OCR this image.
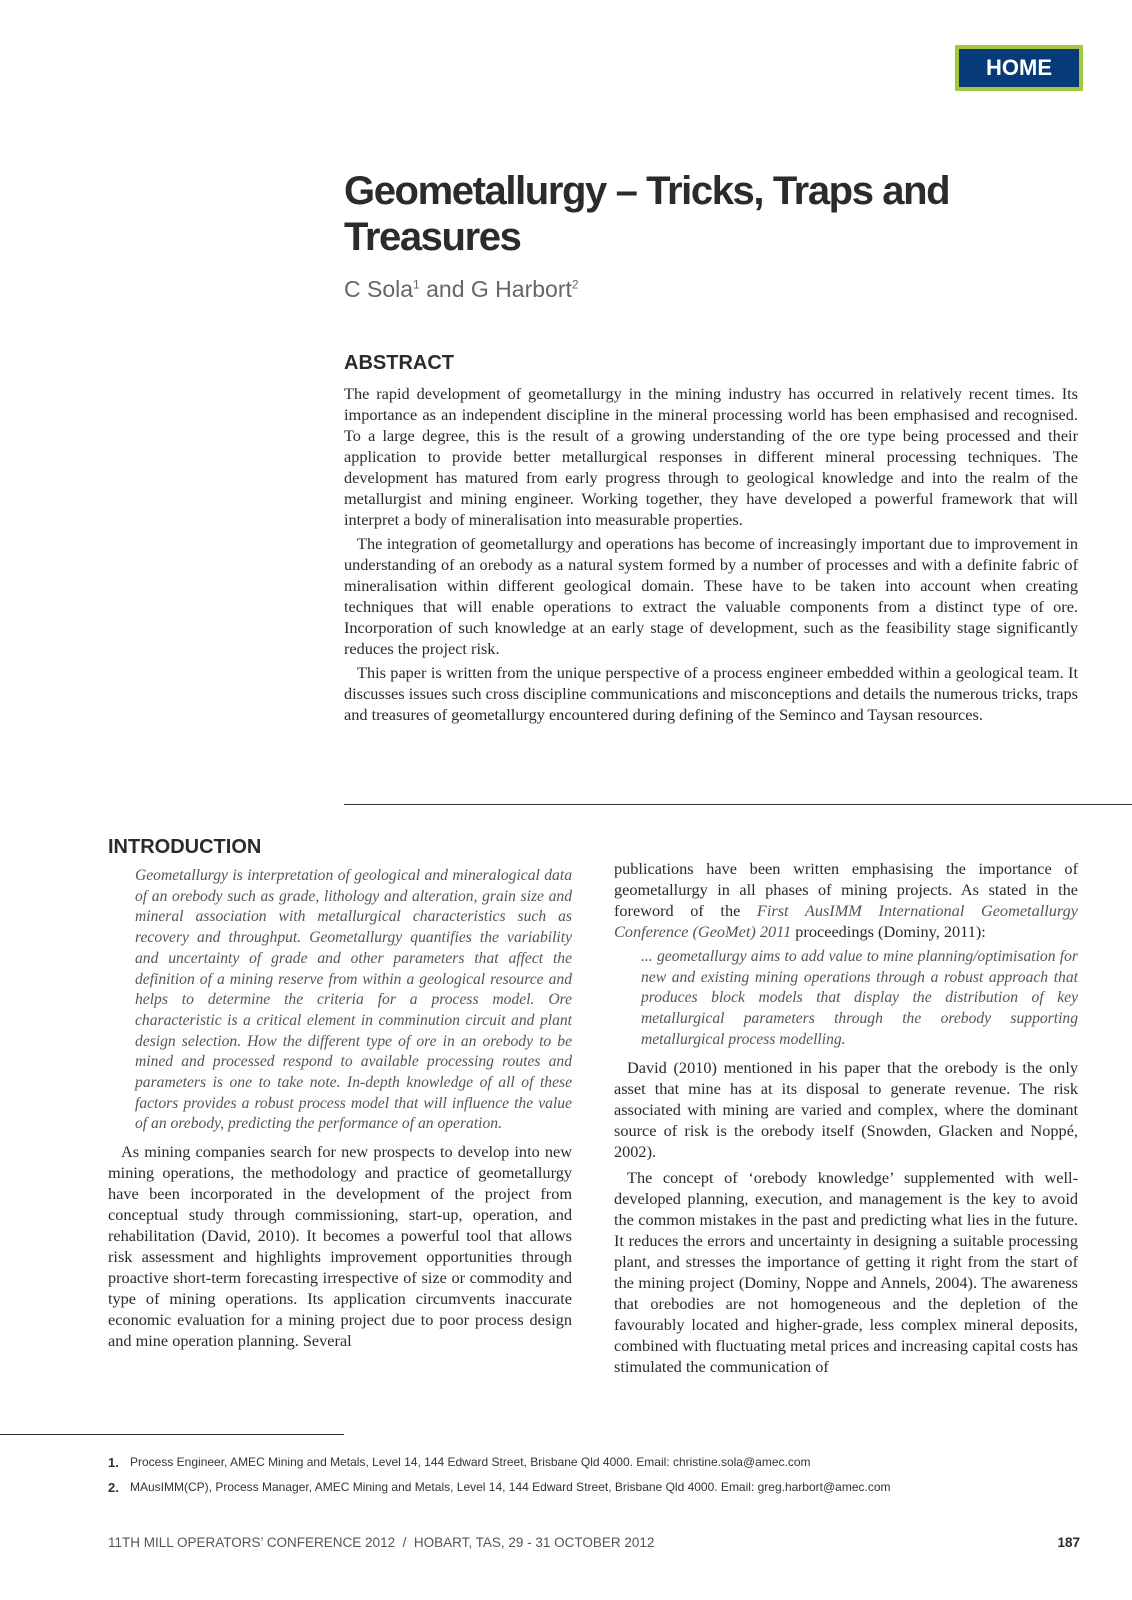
HOME
Geometallurgy – Tricks, Traps and Treasures
C Sola$^1$ and G Harbort$^2$
ABSTRACT

The rapid development of geometallurgy in the mining industry has occurred in relatively recent times. Its importance as an independent discipline in the mineral processing world has been emphasised and recognised. To a large degree, this is the result of a growing understanding of the ore type being processed and their application to provide better metallurgical responses in different mineral processing techniques. The development has matured from early progress through to geological knowledge and into the realm of the metallurgist and mining engineer. Working together, they have developed a powerful framework that will interpret a body of mineralisation into measurable properties.

The integration of geometallurgy and operations has become of increasingly important due to improvement in understanding of an orebody as a natural system formed by a number of processes and with a definite fabric of mineralisation within different geological domain. These have to be taken into account when creating techniques that will enable operations to extract the valuable components from a distinct type of ore. Incorporation of such knowledge at an early stage of development, such as the feasibility stage significantly reduces the project risk.

This paper is written from the unique perspective of a process engineer embedded within a geological team. It discusses issues such cross discipline communications and misconceptions and details the numerous tricks, traps and treasures of geometallurgy encountered during defining of the Seminco and Taysan resources.

INTRODUCTION

Geometallurgy is interpretation of geological and mineralogical data of an orebody such as grade, lithology and alteration, grain size and mineral association with metallurgical characteristics such as recovery and throughput. Geometallurgy quantifies the variability and uncertainty of grade and other parameters that affect the definition of a mining reserve from within a geological resource and helps to determine the criteria for a process model. Ore characteristic is a critical element in comminution circuit and plant design selection. How the different type of ore in an orebody to be mined and processed respond to available processing routes and parameters is one to take note. In-depth knowledge of all of these factors provides a robust process model that will influence the value of an orebody, predicting the performance of an operation.

As mining companies search for new prospects to develop into new mining operations, the methodology and practice of geometallurgy have been incorporated in the development of the project from conceptual study through commissioning, start-up, operation, and rehabilitation (David, 2010). It becomes a powerful tool that allows risk assessment and highlights improvement opportunities through proactive short-term forecasting irrespective of size or commodity and type of mining operations. Its application circumvents inaccurate economic evaluation for a mining project due to poor process design and mine operation planning. Several

publications have been written emphasising the importance of geometallurgy in all phases of mining projects. As stated in the foreword of the First AusIMM International Geometallurgy Conference (GeoMet) 2011 proceedings (Dominy, 2011):

... geometallurgy aims to add value to mine planning/optimisation for new and existing mining operations through a robust approach that produces block models that display the distribution of key metallurgical parameters through the orebody supporting metallurgical process modelling.

David (2010) mentioned in his paper that the orebody is the only asset that mine has at its disposal to generate revenue. The risk associated with mining are varied and complex, where the dominant source of risk is the orebody itself (Snowden, Glacken and Noppé, 2002).

The concept of ‘orebody knowledge’ supplemented with well-developed planning, execution, and management is the key to avoid the common mistakes in the past and predicting what lies in the future. It reduces the errors and uncertainty in designing a suitable processing plant, and stresses the importance of getting it right from the start of the mining project (Dominy, Noppe and Annels, 2004). The awareness that orebodies are not homogeneous and the depletion of the favourably located and higher-grade, less complex mineral deposits, combined with fluctuating metal prices and increasing capital costs has stimulated the communication of

1. Process Engineer, AMEC Mining and Metals, Level 14, 144 Edward Street, Brisbane Qld 4000. Email: christine.sola@amec.com
2. MAusIMM(CP), Process Manager, AMEC Mining and Metals, Level 14, 144 Edward Street, Brisbane Qld 4000. Email: greg.harbort@amec.com
11TH MILL OPERATORS’ CONFERENCE 2012  /  HOBART, TAS, 29 - 31 OCTOBER 2012	187
